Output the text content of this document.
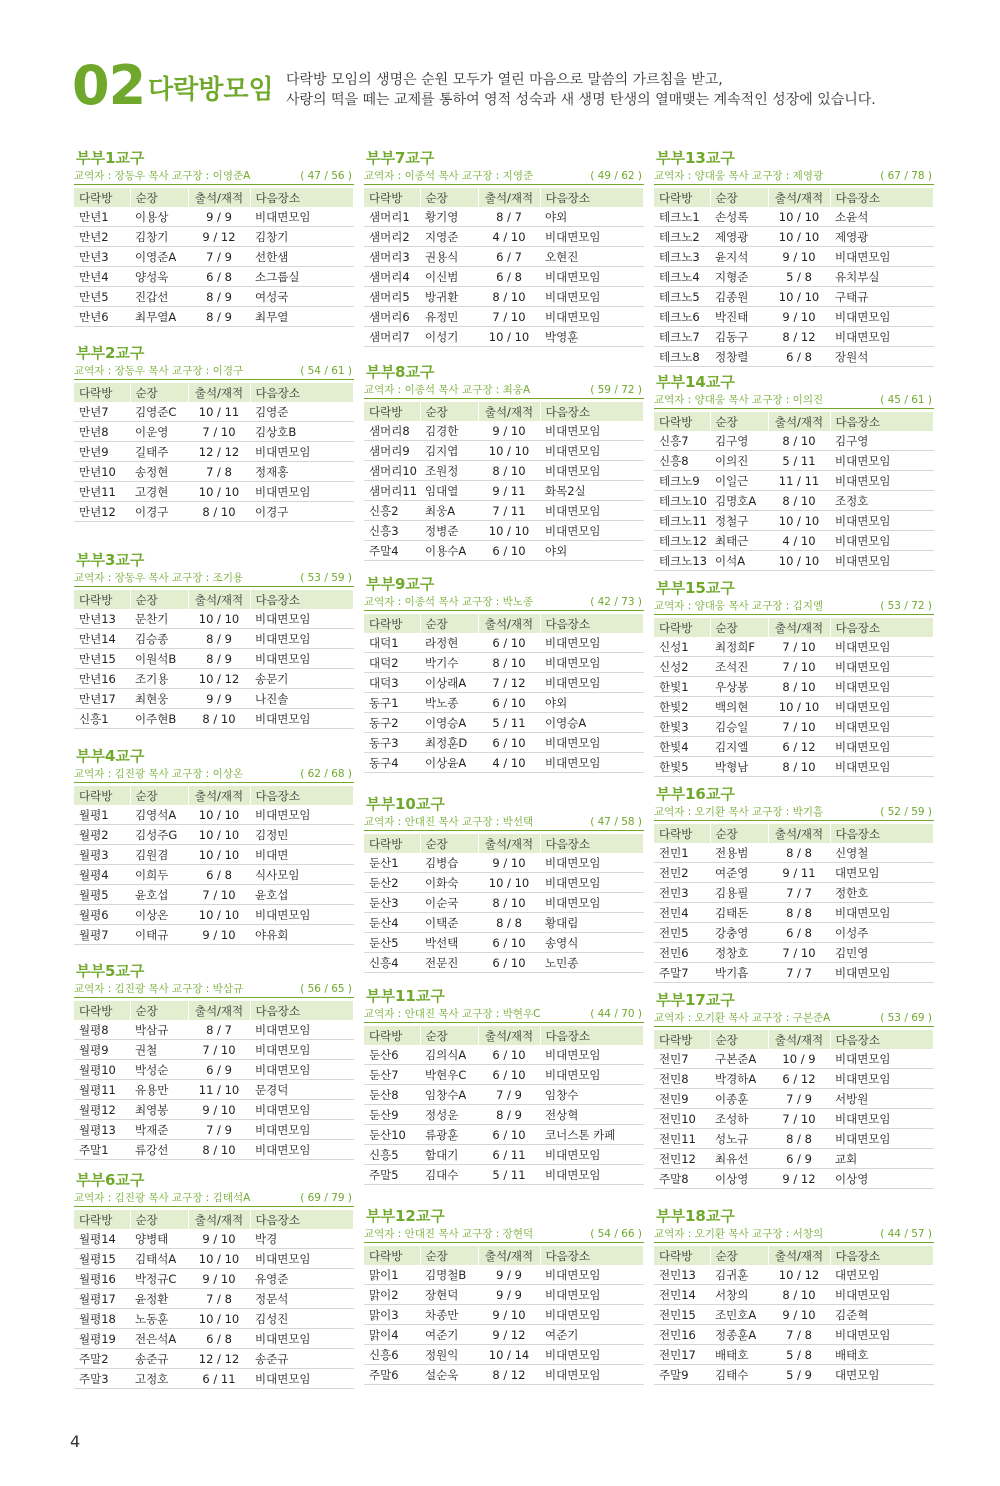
02 다락방모임 다락방 모임의 생명은 순원 모두가 열린 마음으로 말씀의 가르침을 받고,
사랑의 떡을 떼는 교제를 통하여 영적 성숙과 새 생명 탄생의 열매맺는 계속적인 성장에 있습니다.
부부1교구
교역자 : 장동우 목사 교구장 : 이영준A	( 47 / 56 )
다락방	순장	출석/재적	다음장소
만년1	이용상	9 / 9	비대면모임
만년2	김창기	9 / 12	김창기
만년3	이영준A	7 / 9	선한샘
만년4	양성욱	6 / 8	소그룹실
만년5	진갑선	8 / 9	여성국
만년6	최무열A	8 / 9	최무열
부부2교구
교역자 : 장동우 목사 교구장 : 이경구	( 54 / 61 )
다락방	순장	출석/재적	다음장소
만년7	김영준C	10 / 11	김영준
만년8	이운영	7 / 10	김상호B
만년9	길태주	12 / 12	비대면모임
만년10	송정현	7 / 8	정재홍
만년11	고경현	10 / 10	비대면모임
만년12	이경구	8 / 10	이경구
부부3교구
교역자 : 장동우 목사 교구장 : 조기용	( 53 / 59 )
다락방	순장	출석/재적	다음장소
만년13	문찬기	10 / 10	비대면모임
만년14	김승종	8 / 9	비대면모임
만년15	이원석B	8 / 9	비대면모임
만년16	조기용	10 / 12	송문기
만년17	최현웅	9 / 9	나진솔
신흥1	이주현B	8 / 10	비대면모임
부부4교구
교역자 : 김진광 목사 교구장 : 이상온	( 62 / 68 )
다락방	순장	출석/재적	다음장소
월평1	김영석A	10 / 10	비대면모임
월평2	김성주G	10 / 10	김정민
월평3	김원겸	10 / 10	비대면
월평4	이희두	6 / 8	식사모임
월평5	윤호섭	7 / 10	윤호섭
월평6	이상온	10 / 10	비대면모임
월평7	이태규	9 / 10	야유회
부부5교구
교역자 : 김진광 목사 교구장 : 박삼규	( 56 / 65 )
다락방	순장	출석/재적	다음장소
월평8	박삼규	8 / 7	비대면모임
월평9	권철	7 / 10	비대면모임
월평10	박성순	6 / 9	비대면모임
월평11	유용만	11 / 10	문경덕
월평12	최영봉	9 / 10	비대면모임
월평13	박재준	7 / 9	비대면모임
주말1	류강선	8 / 10	비대면모임
부부6교구
교역자 : 김진광 목사 교구장 : 김태석A	( 69 / 79 )
다락방	순장	출석/재적	다음장소
월평14	양병태	9 / 10	박경
월평15	김태석A	10 / 10	비대면모임
월평16	박정규C	9 / 10	유영준
월평17	윤정환	7 / 8	정문석
월평18	노동훈	10 / 10	김성진
월평19	전은석A	6 / 8	비대면모임
주말2	송준규	12 / 12	송준규
주말3	고정호	6 / 11	비대면모임
부부7교구
교역자 : 이종석 목사 교구장 : 지영준	( 49 / 62 )
다락방	순장	출석/재적	다음장소
샘머리1	황기영	8 / 7	야외
샘머리2	지영준	4 / 10	비대면모임
샘머리3	권용식	6 / 7	오현진
샘머리4	이신범	6 / 8	비대면모임
샘머리5	방귀환	8 / 10	비대면모임
샘머리6	유정민	7 / 10	비대면모임
샘머리7	이성기	10 / 10	박영훈
부부8교구
교역자 : 이종석 목사 교구장 : 최웅A	( 59 / 72 )
다락방	순장	출석/재적	다음장소
샘머리8	김경한	9 / 10	비대면모임
샘머리9	김지엽	10 / 10	비대면모임
샘머리10	조원정	8 / 10	비대면모임
샘머리11	임대열	9 / 11	화목2실
신흥2	최웅A	7 / 11	비대면모임
신흥3	정병준	10 / 10	비대면모임
주말4	이용수A	6 / 10	야외
부부9교구
교역자 : 이종석 목사 교구장 : 박노종	( 42 / 73 )
다락방	순장	출석/재적	다음장소
대덕1	라정현	6 / 10	비대면모임
대덕2	박기수	8 / 10	비대면모임
대덕3	이상래A	7 / 12	비대면모임
동구1	박노종	6 / 10	야외
동구2	이영승A	5 / 11	이영승A
동구3	최정훈D	6 / 10	비대면모임
동구4	이상윤A	4 / 10	비대면모임
부부10교구
교역자 : 안대진 목사 교구장 : 박선택	( 47 / 58 )
다락방	순장	출석/재적	다음장소
둔산1	김병습	9 / 10	비대면모임
둔산2	이화숙	10 / 10	비대면모임
둔산3	이순국	8 / 10	비대면모임
둔산4	이택준	8 / 8	황대림
둔산5	박선택	6 / 10	송영식
신흥4	전문진	6 / 10	노민종
부부11교구
교역자 : 안대진 목사 교구장 : 박현우C	( 44 / 70 )
다락방	순장	출석/재적	다음장소
둔산6	김의식A	6 / 10	비대면모임
둔산7	박현우C	6 / 10	비대면모임
둔산8	임창수A	7 / 9	임창수
둔산9	정성운	8 / 9	전상혁
둔산10	류광훈	6 / 10	코너스톤 카페
신흥5	함대기	6 / 11	비대면모임
주말5	김대수	5 / 11	비대면모임
부부12교구
교역자 : 안대진 목사 교구장 : 장현덕	( 54 / 66 )
다락방	순장	출석/재적	다음장소
맑이1	김명철B	9 / 9	비대면모임
맑이2	장현덕	9 / 9	비대면모임
맑이3	차종만	9 / 10	비대면모임
맑이4	여준기	9 / 12	여준기
신흥6	정원익	10 / 14	비대면모임
주말6	설순욱	8 / 12	비대면모임
부부13교구
교역자 : 양대웅 목사 교구장 : 제영광	( 67 / 78 )
다락방	순장	출석/재적	다음장소
테크노1	손성록	10 / 10	소윤석
테크노2	제영광	10 / 10	제영광
테크노3	윤지석	9 / 10	비대면모임
테크노4	지형준	5 / 8	유치부실
테크노5	김종원	10 / 10	구태규
테크노6	박진태	9 / 10	비대면모임
테크노7	김동구	8 / 12	비대면모임
테크노8	정창렬	6 / 8	장원석
부부14교구
교역자 : 양대웅 목사 교구장 : 이의진	( 45 / 61 )
다락방	순장	출석/재적	다음장소
신흥7	김구영	8 / 10	김구영
신흥8	이의진	5 / 11	비대면모임
테크노9	이일근	11 / 11	비대면모임
테크노10	김명호A	8 / 10	조정호
테크노11	정철구	10 / 10	비대면모임
테크노12	최태근	4 / 10	비대면모임
테크노13	이석A	10 / 10	비대면모임
부부15교구
교역자 : 양대웅 목사 교구장 : 김지엘	( 53 / 72 )
다락방	순장	출석/재적	다음장소
신성1	최정희F	7 / 10	비대면모임
신성2	조석진	7 / 10	비대면모임
한빛1	우상봉	8 / 10	비대면모임
한빛2	백의현	10 / 10	비대면모임
한빛3	김승일	7 / 10	비대면모임
한빛4	김지엘	6 / 12	비대면모임
한빛5	박형남	8 / 10	비대면모임
부부16교구
교역자 : 오기환 목사 교구장 : 박기흠	( 52 / 59 )
다락방	순장	출석/재적	다음장소
전민1	전용범	8 / 8	신영철
전민2	여준영	9 / 11	대면모임
전민3	김용필	7 / 7	정한호
전민4	김태돈	8 / 8	비대면모임
전민5	강충영	6 / 8	이성주
전민6	정창호	7 / 10	김민영
주말7	박기흠	7 / 7	비대면모임
부부17교구
교역자 : 오기환 목사 교구장 : 구본준A	( 53 / 69 )
다락방	순장	출석/재적	다음장소
전민7	구본준A	10 / 9	비대면모임
전민8	박경하A	6 / 12	비대면모임
전민9	이종훈	7 / 9	서방원
전민10	조성하	7 / 10	비대면모임
전민11	성노규	8 / 8	비대면모임
전민12	최유선	6 / 9	교회
주말8	이상영	9 / 12	이상영
부부18교구
교역자 : 오기환 목사 교구장 : 서창의	( 44 / 57 )
다락방	순장	출석/재적	다음장소
전민13	김귀훈	10 / 12	대면모임
전민14	서창의	8 / 10	비대면모임
전민15	조민호A	9 / 10	김준혁
전민16	정종훈A	7 / 8	비대면모임
전민17	배태호	5 / 8	배태호
주말9	김태수	5 / 9	대면모임
4
